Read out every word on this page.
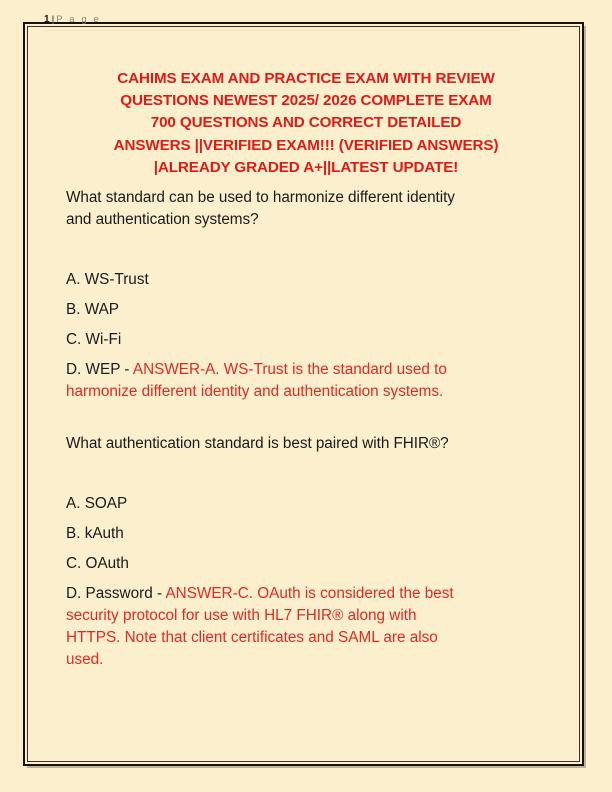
1 | P a g e
CAHIMS EXAM AND PRACTICE EXAM WITH REVIEW
QUESTIONS NEWEST 2025/ 2026 COMPLETE EXAM
700 QUESTIONS AND CORRECT DETAILED
ANSWERS ||VERIFIED EXAM!!! (VERIFIED ANSWERS)
|ALREADY GRADED A+||LATEST UPDATE!

What standard can be used to harmonize different identity

and authentication systems?

A. WS-Trust

B. WAP

C. Wi-Fi

D. WEP - ANSWER-A. WS-Trust is the standard used to

harmonize different identity and authentication systems.

What authentication standard is best paired with FHIR®?

A. SOAP

B. kAuth

C. OAuth

D. Password - ANSWER-C. OAuth is considered the best

security protocol for use with HL7 FHIR® along with

HTTPS. Note that client certificates and SAML are also

used.
